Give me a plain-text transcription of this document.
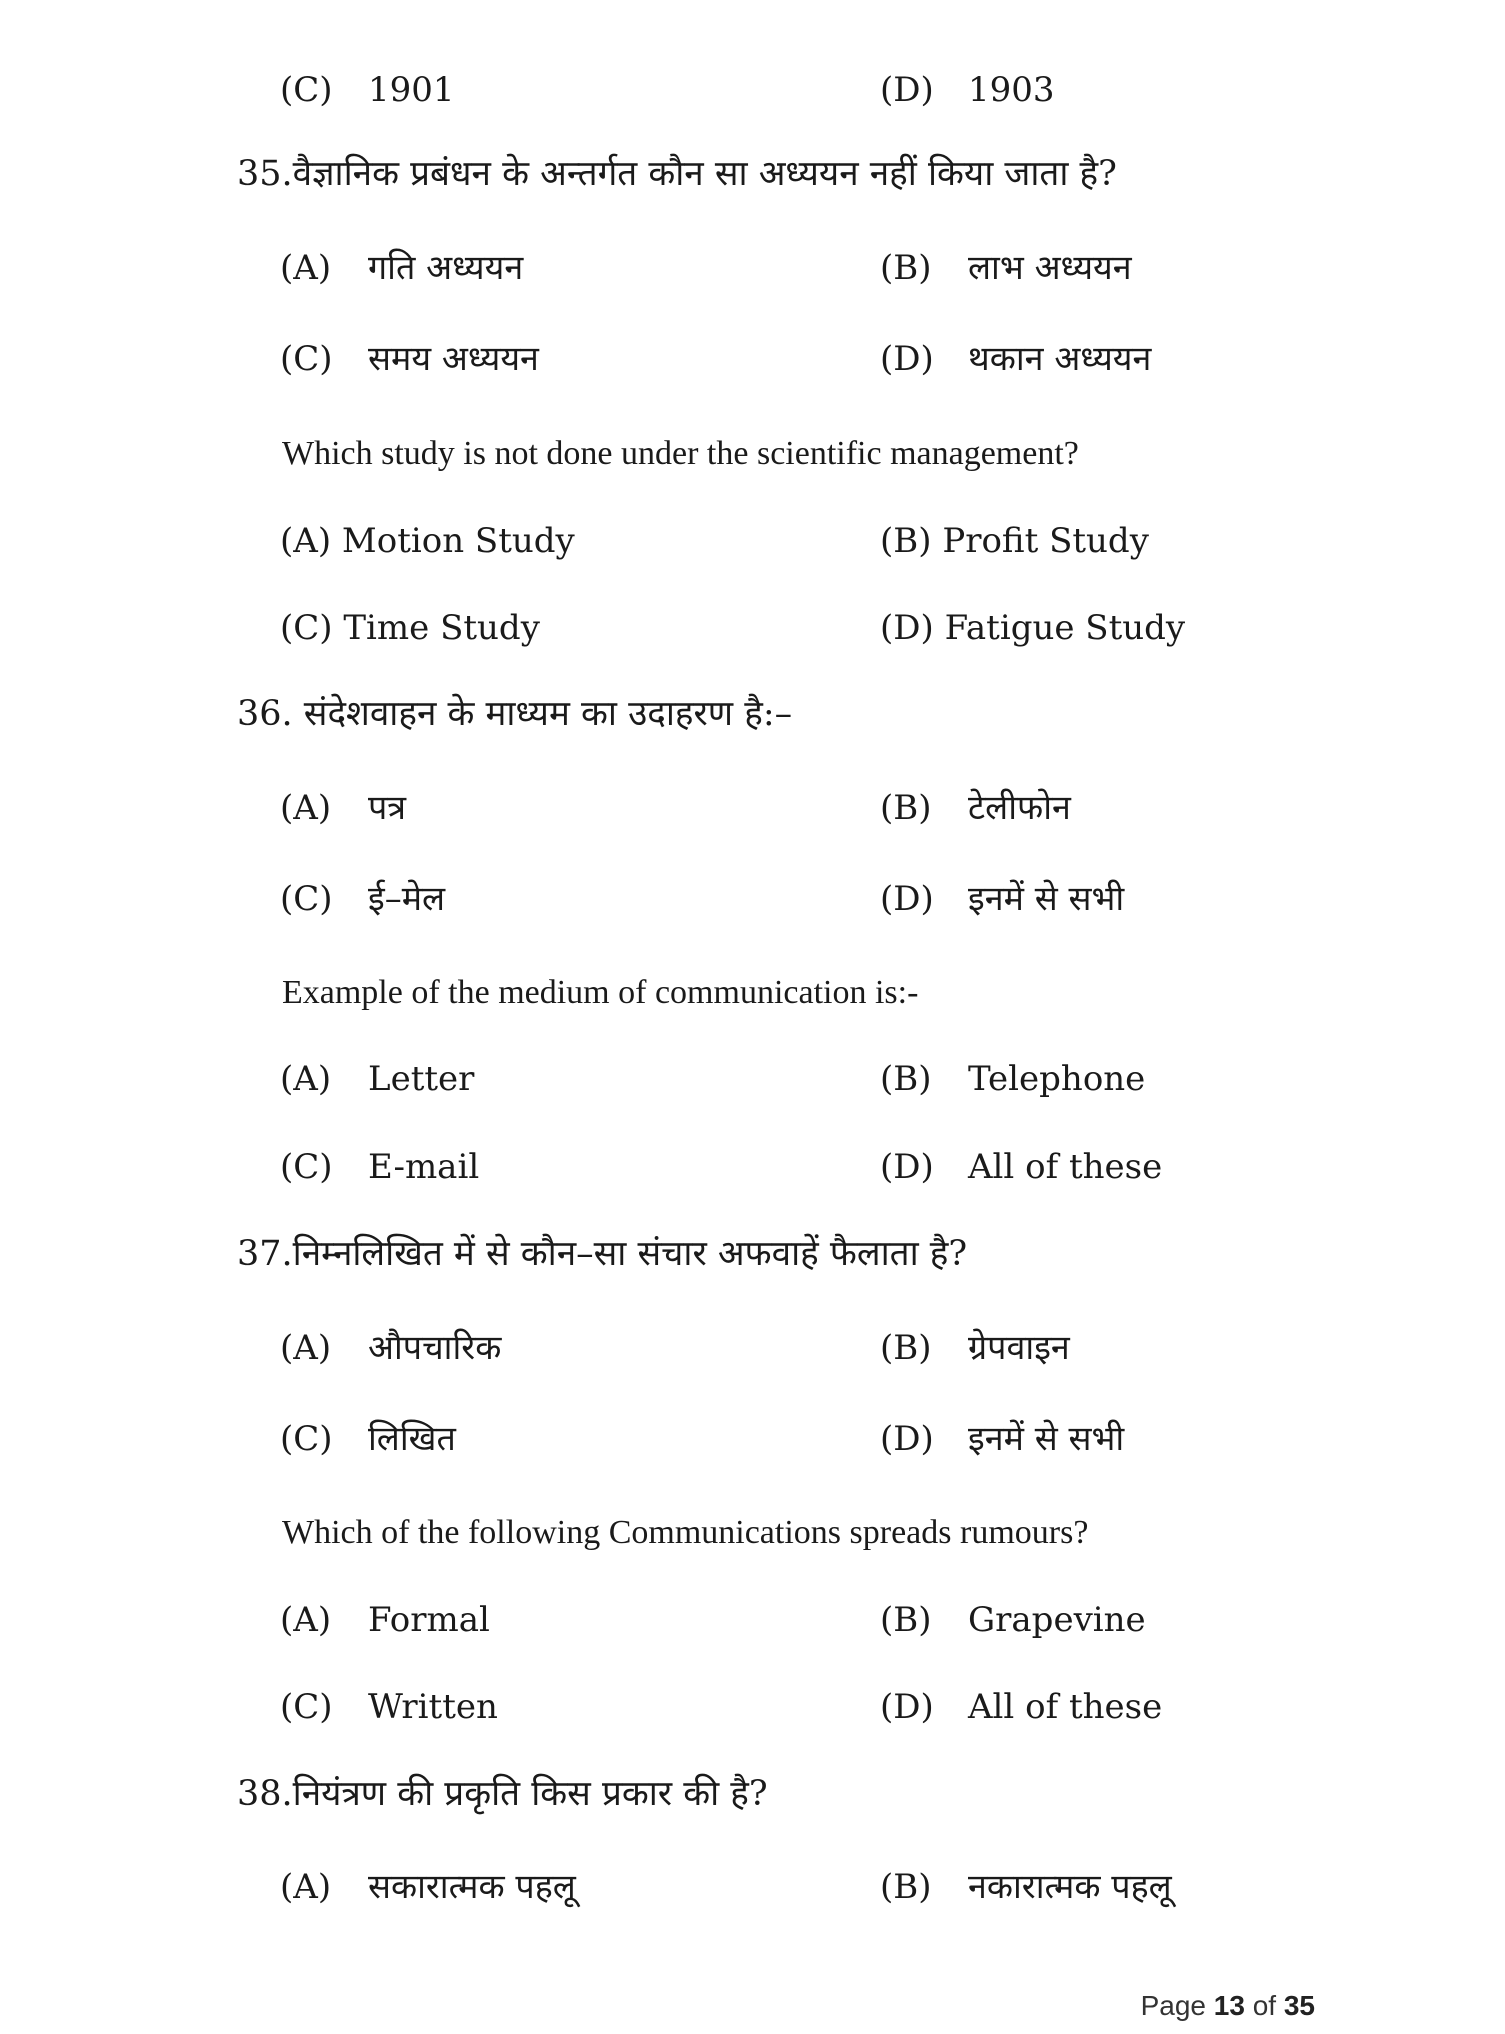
(C) 1901	(D) 1903
35.वैज्ञानिक प्रबंधन के अन्तर्गत कौन सा अध्ययन नहीं किया जाता है?
(A) गति अध्ययन	(B) लाभ अध्ययन
(C) समय अध्ययन	(D) थकान अध्ययन
Which study is not done under the scientific management?
(A) Motion Study	(B) Profit Study
(C) Time Study	(D) Fatigue Study
36. संदेशवाहन के माध्यम का उदाहरण है:–
(A) पत्र	(B) टेलीफोन
(C) ई–मेल	(D) इनमें से सभी
Example of the medium of communication is:-
(A) Letter	(B) Telephone
(C) E-mail	(D) All of these
37.निम्नलिखित में से कौन–सा संचार अफवाहें फैलाता है?
(A) औपचारिक	(B) ग्रेपवाइन
(C) लिखित	(D) इनमें से सभी
Which of the following Communications spreads rumours?
(A) Formal	(B) Grapevine
(C) Written	(D) All of these
38.नियंत्रण की प्रकृति किस प्रकार की है?
(A) सकारात्मक पहलू	(B) नकारात्मक पहलू
Page 13 of 35
